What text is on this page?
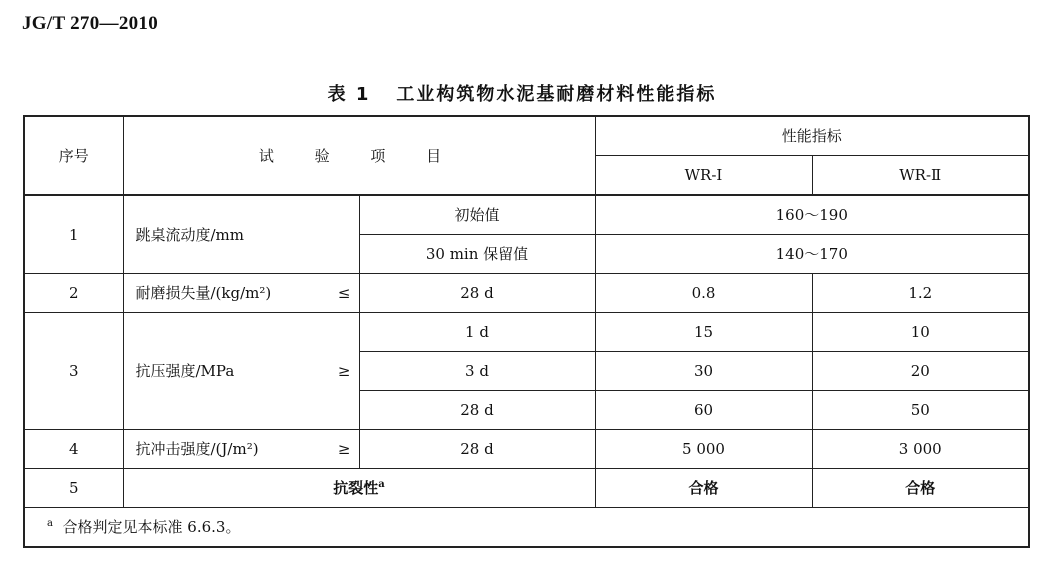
JG/T 270—2010
表 1 工业构筑物水泥基耐磨材料性能指标
序号	试 验 项 目		性能指标	
			WR-Ⅰ	WR-Ⅱ
1	跳桌流动度/mm	初始值	160～190	
		30 min 保留值	140～170	
2	耐磨损失量/(kg/m²) ≤	28 d	0.8	1.2
3	抗压强度/MPa ≥	1 d	15	10
		3 d	30	20
		28 d	60	50
4	抗冲击强度/(J/m²) ≥	28 d	5 000	3 000
5	抗裂性$^a$		合格	合格
$^a$ 合格判定见本标准 6.6.3。				
